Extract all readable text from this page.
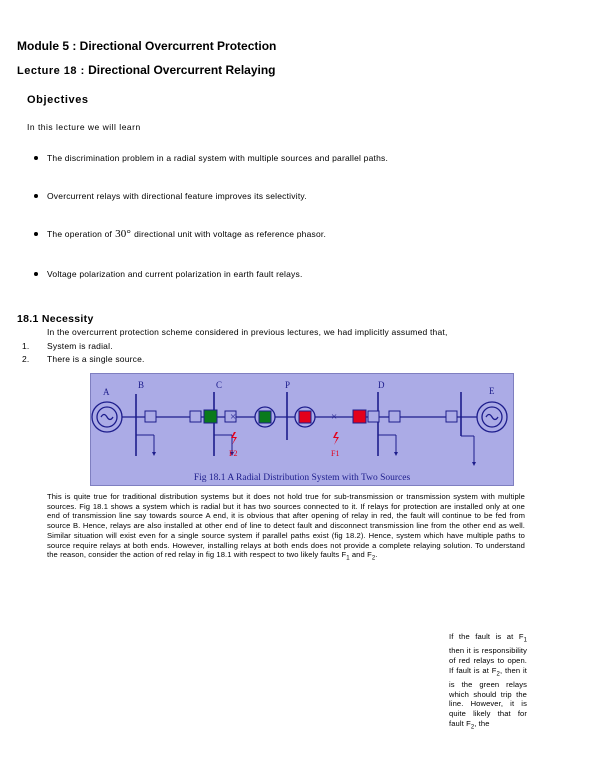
Module 5 : Directional Overcurrent Protection
Lecture 18 : Directional Overcurrent Relaying
Objectives
In this lecture we will learn
The discrimination problem in a radial system with multiple sources and parallel paths.
Overcurrent relays with directional feature improves its selectivity.
The operation of 30° directional unit with voltage as reference phasor.
Voltage polarization and current polarization in earth fault relays.
18.1 Necessity
In the overcurrent protection scheme considered in previous lectures, we had implicitly assumed that,
1. System is radial.
2. There is a single source.
A
B	C
×
F2
P
×
F1
D
E
Fig 18.1 A Radial Distribution System with Two Sources
This is quite true for traditional distribution systems but it does not hold true for sub-transmission or transmission system with multiple sources. Fig 18.1 shows a system which is radial but it has two sources connected to it. If relays for protection are installed only at one end of transmission line say towards source A end, it is obvious that after opening of relay in red, the fault will continue to be fed from source B. Hence, relays are also installed at other end of line to detect fault and disconnect transmission line from the other end as well. Similar situation will exist even for a single source system if parallel paths exist (fig 18.2). Hence, system which have multiple paths to source require relays at both ends. However, installing relays at both ends does not provide a complete relaying solution. To understand the reason, consider the action of red relay in fig 18.1 with respect to two likely faults $F_1$ and $F_2$.
If the fault is at $F_1$ then it is responsibility of red relays to open. If fault is at $F_2$, then it is the green relays which should trip the line. However, it is quite likely that for fault $F_2$, the
